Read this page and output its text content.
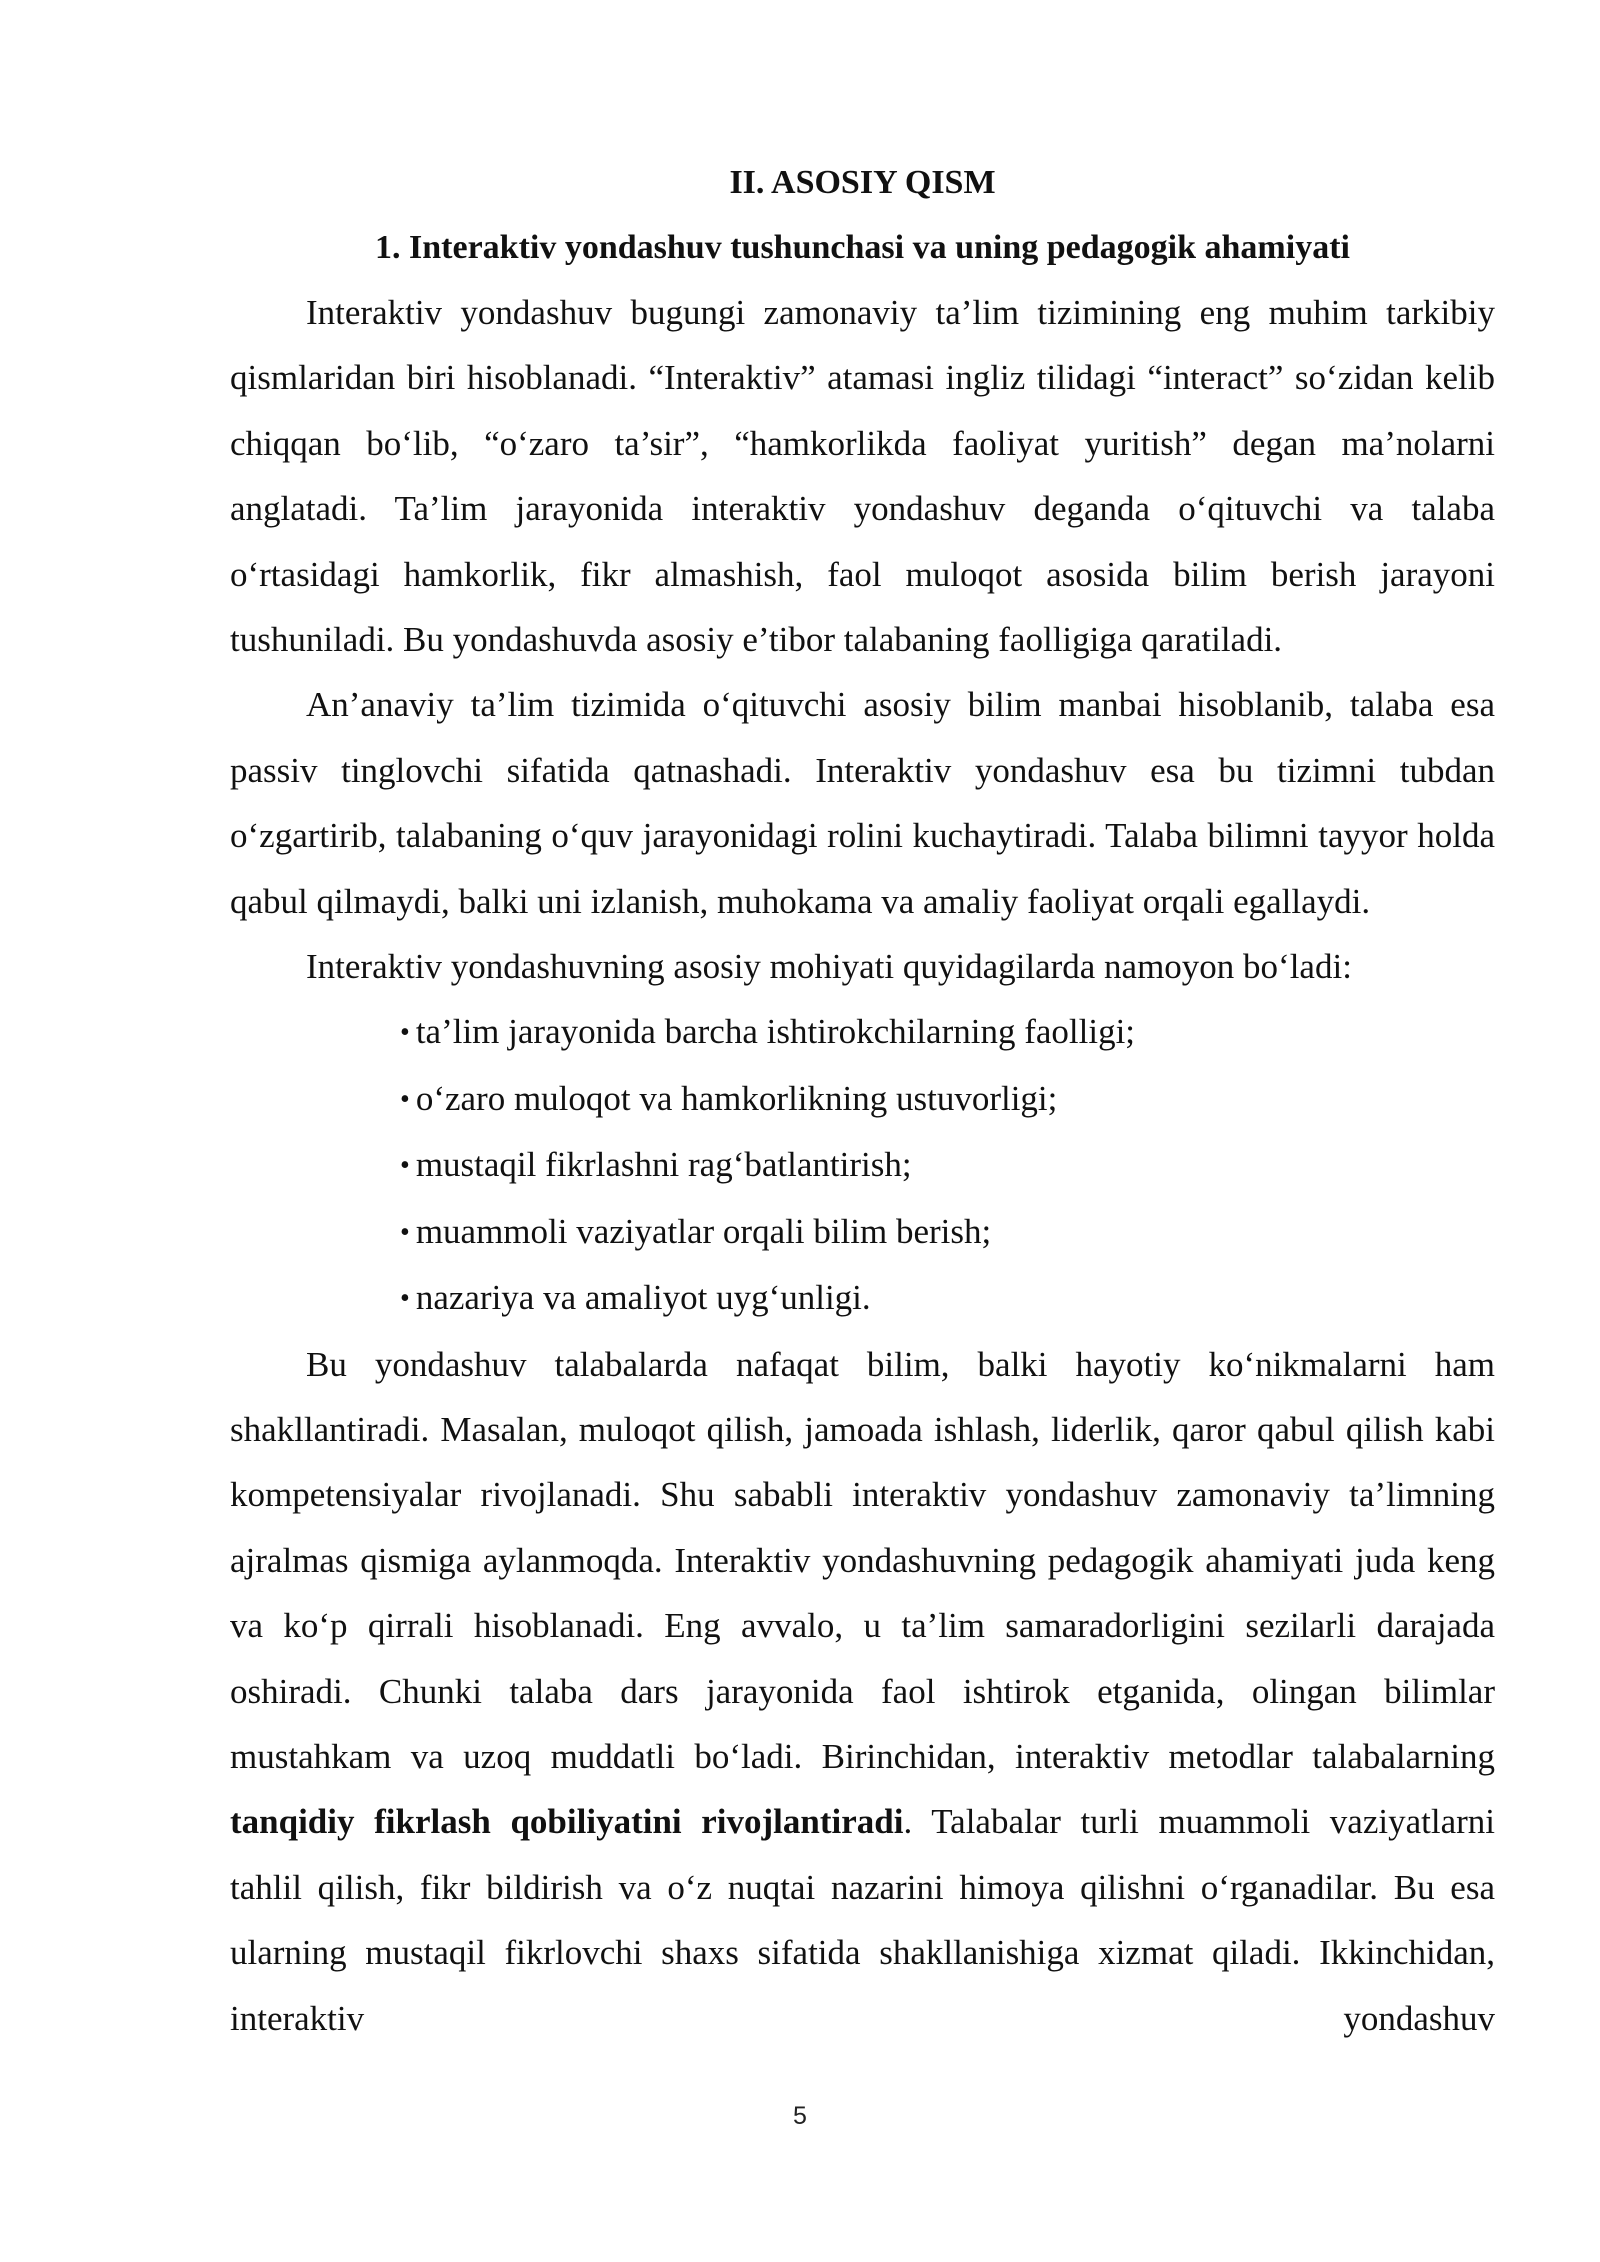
II. ASOSIY QISM
1. Interaktiv yondashuv tushunchasi va uning pedagogik ahamiyati

Interaktiv yondashuv bugungi zamonaviy ta’lim tizimining eng muhim tarkibiy qismlaridan biri hisoblanadi. “Interaktiv” atamasi ingliz tilidagi “interact” so‘zidan kelib chiqqan bo‘lib, “o‘zaro ta’sir”, “hamkorlikda faoliyat yuritish” degan ma’nolarni anglatadi. Ta’lim jarayonida interaktiv yondashuv deganda o‘qituvchi va talaba o‘rtasidagi hamkorlik, fikr almashish, faol muloqot asosida bilim berish jarayoni tushuniladi. Bu yondashuvda asosiy e’tibor talabaning faolligiga qaratiladi.

An’anaviy ta’lim tizimida o‘qituvchi asosiy bilim manbai hisoblanib, talaba esa passiv tinglovchi sifatida qatnashadi. Interaktiv yondashuv esa bu tizimni tubdan o‘zgartirib, talabaning o‘quv jarayonidagi rolini kuchaytiradi. Talaba bilimni tayyor holda qabul qilmaydi, balki uni izlanish, muhokama va amaliy faoliyat orqali egallaydi.

Interaktiv yondashuvning asosiy mohiyati quyidagilarda namoyon bo‘ladi:

• ta’lim jarayonida barcha ishtirokchilarning faolligi;
• o‘zaro muloqot va hamkorlikning ustuvorligi;
• mustaqil fikrlashni rag‘batlantirish;
• muammoli vaziyatlar orqali bilim berish;
• nazariya va amaliyot uyg‘unligi.

Bu yondashuv talabalarda nafaqat bilim, balki hayotiy ko‘nikmalarni ham shakllantiradi. Masalan, muloqot qilish, jamoada ishlash, liderlik, qaror qabul qilish kabi kompetensiyalar rivojlanadi. Shu sababli interaktiv yondashuv zamonaviy ta’limning ajralmas qismiga aylanmoqda. Interaktiv yondashuvning pedagogik ahamiyati juda keng va ko‘p qirrali hisoblanadi. Eng avvalo, u ta’lim samaradorligini sezilarli darajada oshiradi. Chunki talaba dars jarayonida faol ishtirok etganida, olingan bilimlar mustahkam va uzoq muddatli bo‘ladi. Birinchidan, interaktiv metodlar talabalarning tanqidiy fikrlash qobiliyatini rivojlantiradi. Talabalar turli muammoli vaziyatlarni tahlil qilish, fikr bildirish va o‘z nuqtai nazarini himoya qilishni o‘rganadilar. Bu esa ularning mustaqil fikrlovchi shaxs sifatida shakllanishiga xizmat qiladi. Ikkinchidan, interaktiv yondashuv

5
